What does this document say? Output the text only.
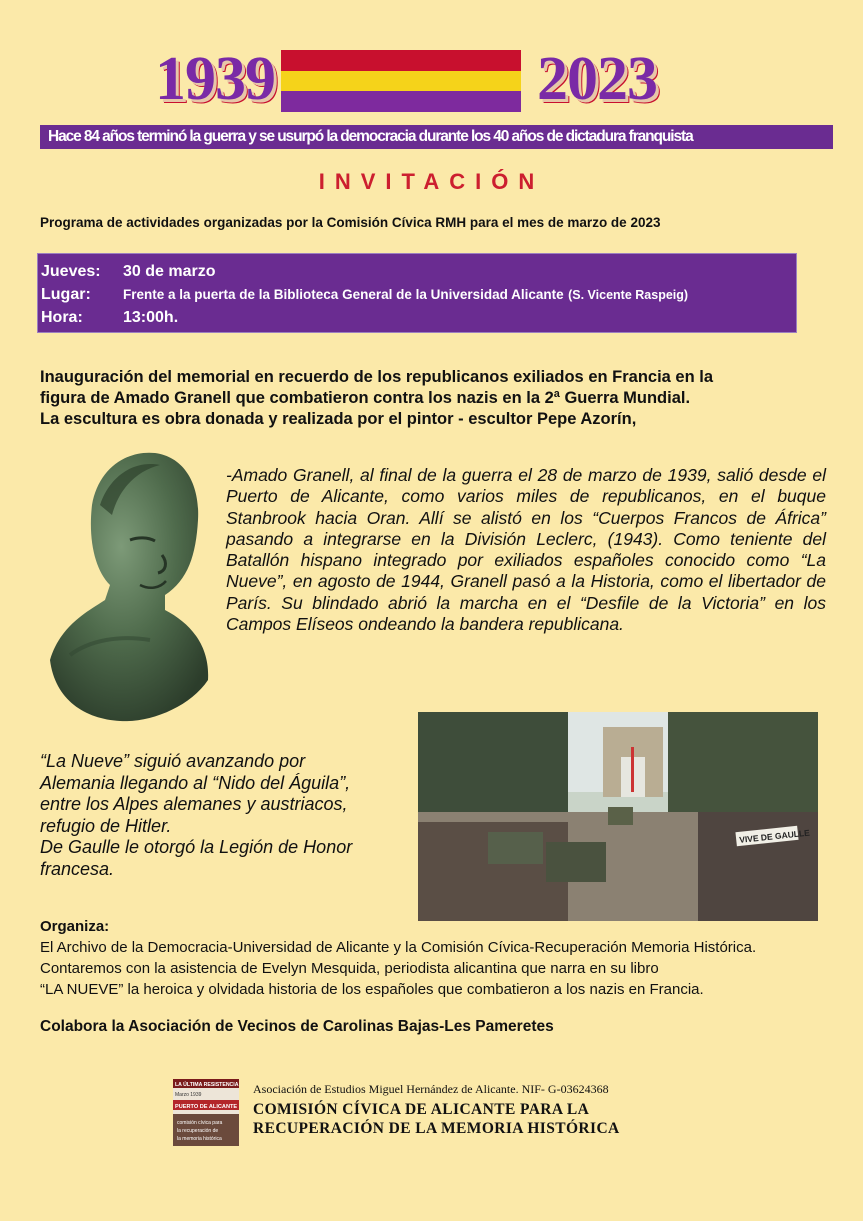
1939	2023
Hace 84 años terminó la guerra y se usurpó la democracia durante los 40 años de dictadura franquista
INVITACIÓN
Programa de actividades organizadas por la Comisión Cívica RMH para el mes de marzo de 2023
Jueves: 30 de marzo
Lugar: Frente a la puerta de la Biblioteca General de la Universidad Alicante (S. Vicente Raspeig)
Hora:	13:00h.
Inauguración del memorial en recuerdo de los republicanos exiliados en Francia en la
figura de Amado Granell que combatieron contra los nazis en la 2ª Guerra Mundial.
La escultura es obra donada y realizada por el pintor - escultor Pepe Azorín,
-Amado Granell, al final de la guerra el 28 de marzo de 1939, salió desde el Puerto de Alicante, como varios miles de republicanos, en el buque Stanbrook hacia Oran. Allí se alistó en los “Cuerpos Francos de África” pasando a integrarse en la División Leclerc, (1943). Como teniente del Batallón hispano integrado por exiliados españoles conocido como “La Nueve”, en agosto de 1944, Granell pasó a la Historia, como el libertador de París. Su blindado abrió la marcha en el “Desfile de la Victoria” en los Campos Elíseos ondeando la bandera republicana.
VIVE DE GAULLE
“La Nueve” siguió avanzando por
Alemania llegando al “Nido del Águila”,
entre los Alpes alemanes y austriacos,
refugio de Hitler.
De Gaulle le otorgó la Legión de Honor
francesa.
Organiza:
El Archivo de la Democracia-Universidad de Alicante y la Comisión Cívica-Recuperación Memoria Histórica.
Contaremos con la asistencia de Evelyn Mesquida, periodista alicantina que narra en su libro
“LA NUEVE” la heroica y olvidada historia de los españoles que combatieron a los nazis en Francia.
Colabora la Asociación de Vecinos de Carolinas Bajas-Les Pameretes
LA ÚLTIMA RESISTENCIA
Marzo 1939
PUERTO DE ALICANTE
comisión cívica para
la recuperación de
la memoria histórica
Asociación de Estudios Miguel Hernández de Alicante. NIF- G-03624368
COMISIÓN CÍVICA DE ALICANTE PARA LA
RECUPERACIÓN DE LA MEMORIA HISTÓRICA
